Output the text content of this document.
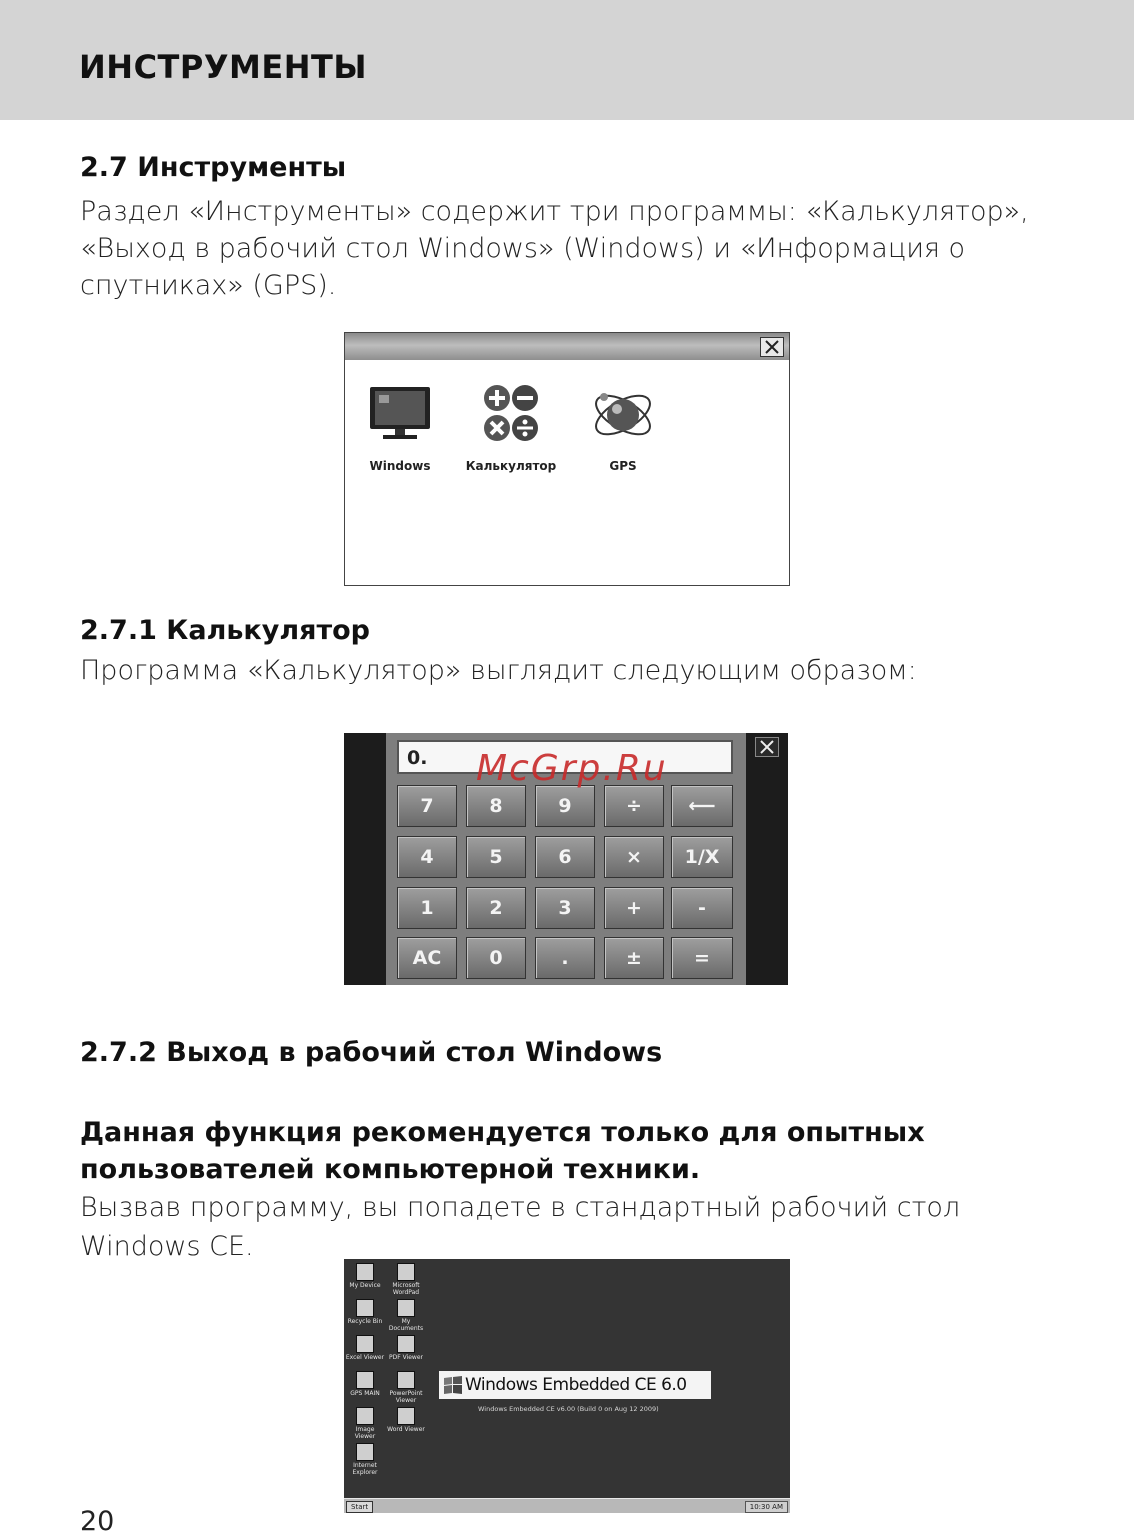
ИНСТРУМЕНТЫ
2.7 Инструменты
Раздел «Инструменты» содержит три программы: «Калькулятор»,
«Выход в рабочий стол Windows» (Windows) и «Информация о
спутниках» (GPS).
Windows	Калькулятор	GPS
2.7.1 Калькулятор
Программа «Калькулятор» выглядит следующим образом:
0.
7	8	9	÷	⟵
4	5	6	×	1/X
1	2	3	+	-
AC	0	.	±	=
McGrp.Ru
2.7.2 Выход в рабочий стол Windows
Данная функция рекомендуется только для опытных
пользователей компьютерной техники.
Вызвав программу, вы попадете в стандартный рабочий стол
Windows CE.
My Device
Recycle Bin
Excel Viewer
GPS MAIN
Image Viewer
Internet Explorer
Microsoft WordPad
My Documents
PDF Viewer
PowerPoint Viewer
Word Viewer
Windows Embedded CE 6.0
Windows Embedded CE v6.00 (Build 0 on Aug 12 2009)
Start	10:30 AM
20
